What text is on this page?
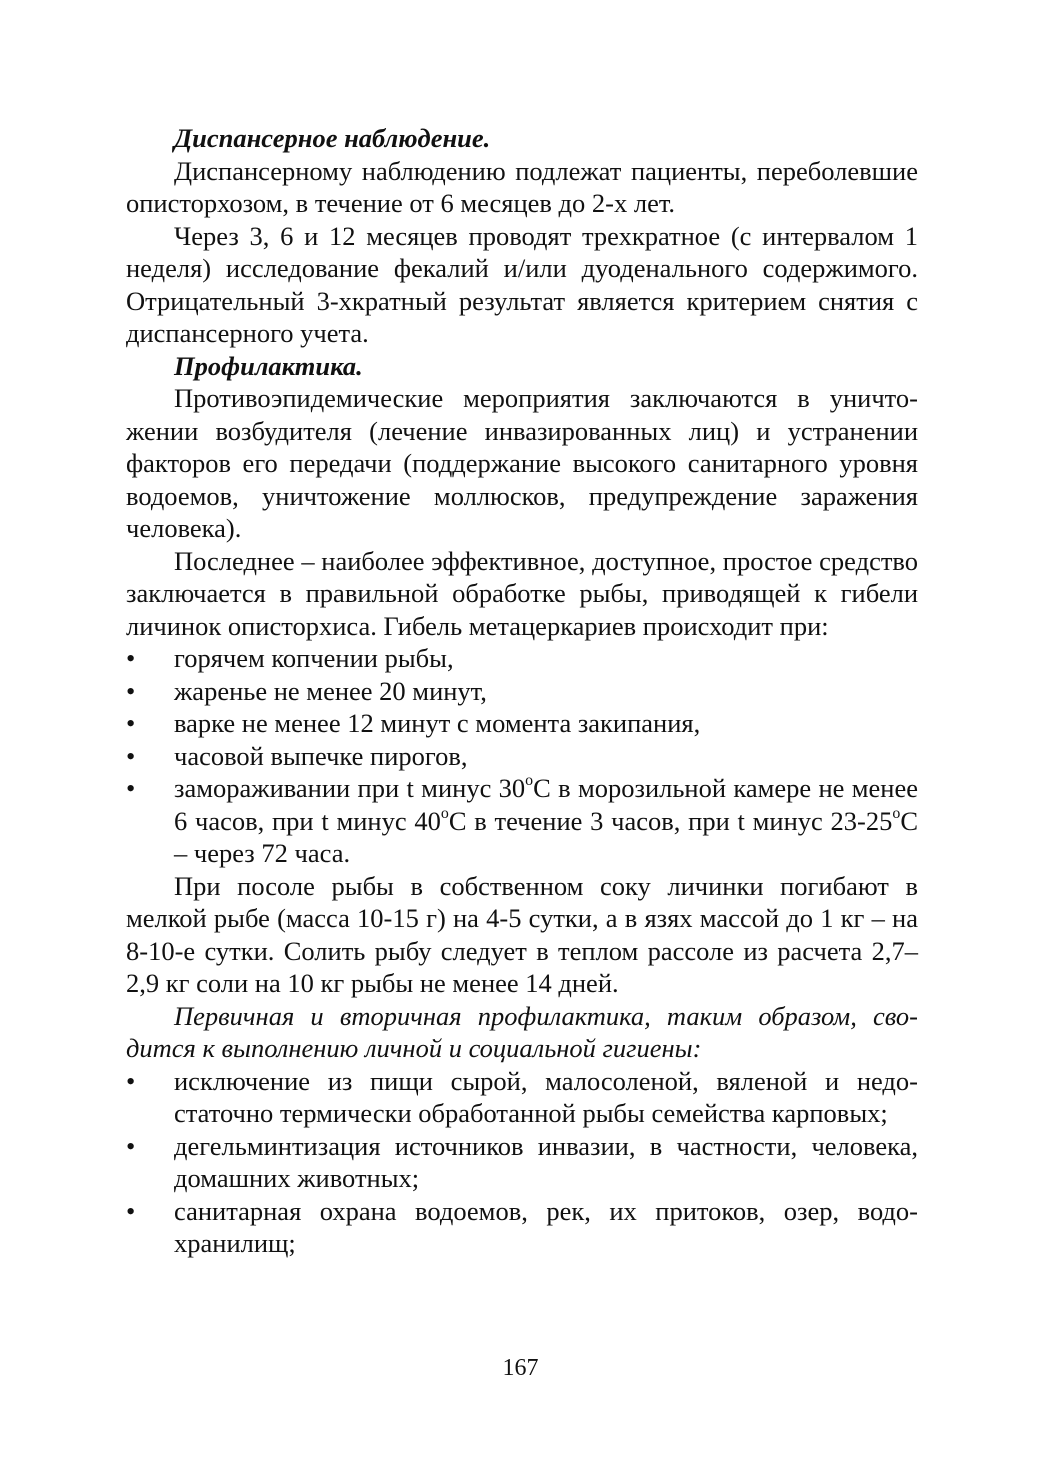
Диспансерное наблюдение.

Диспансерному наблюдению подлежат пациенты, переболевшие описторхозом, в течение от 6 месяцев до 2-х лет.

Через 3, 6 и 12 месяцев проводят трехкратное (с интервалом 1 неделя) исследование фекалий и/или дуоденального содержимого. Отрицательный 3-хкратный результат является критерием снятия с диспансерного учета.

Профилактика.

Противоэпидемические мероприятия заключаются в уничтожении возбудителя (лечение инвазированных лиц) и устранении факторов его передачи (поддержание высокого санитарного уровня водоемов, уничтожение моллюсков, предупреждение заражения человека).

Последнее – наиболее эффективное, доступное, простое средство заключается в правильной обработке рыбы, приводящей к гибели личинок описторхиса. Гибель метацеркариев происходит при:

•	горячем копчении рыбы,
•	жаренье не менее 20 минут,
•	варке не менее 12 минут с момента закипания,
•	часовой выпечке пирогов,
•	замораживании при t минус $30^оС$ в морозильной камере не менее 6 часов, при t минус $40^оС$ в течение 3 часов, при t минус $23-25^оС$ – через 72 часа.

При посоле рыбы в собственном соку личинки погибают в мелкой рыбе (масса 10-15 г) на 4-5 сутки, а в язях массой до 1 кг – на 8-10-е сутки. Солить рыбу следует в теплом рассоле из расчета 2,7–2,9 кг соли на 10 кг рыбы не менее 14 дней.

Первичная и вторичная профилактика, таким образом, сводится к выполнению личной и социальной гигиены:

•	исключение из пищи сырой, малосоленой, вяленой и недостаточно термически обработанной рыбы семейства карповых;
•	дегельминтизация источников инвазии, в частности, человека, домашних животных;
•	санитарная охрана водоемов, рек, их притоков, озер, водохранилищ;
167
